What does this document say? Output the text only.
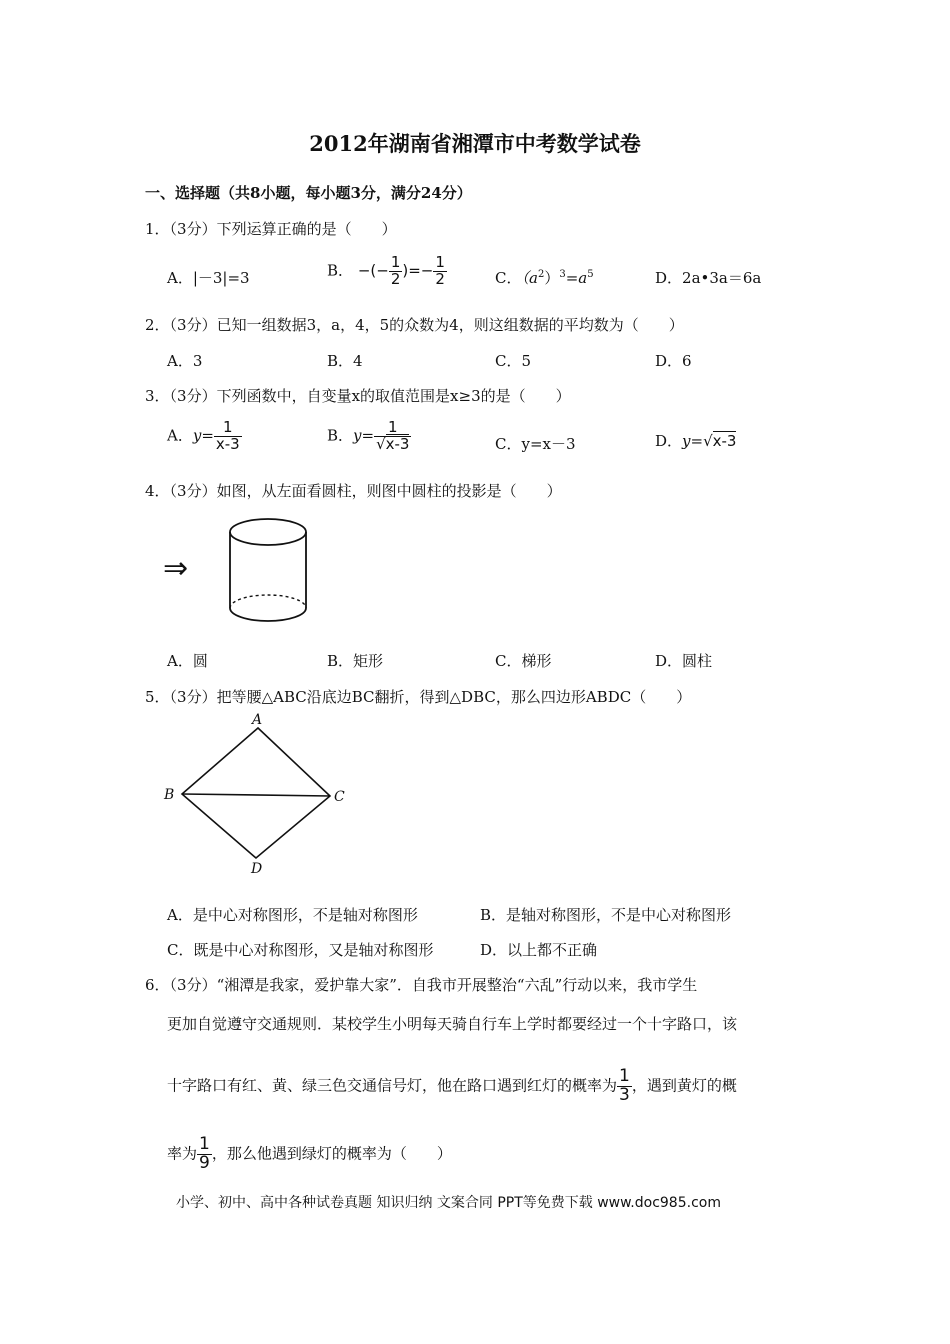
2012年湖南省湘潭市中考数学试卷
一、选择题（共8小题，每小题3分，满分24分）
1．（3分）下列运算正确的是（　　）
A．|－3|=3	B． −(− $\frac{1}{2}$ )=− $\frac{1}{2}$	C．$(a^2)^3=a^5$	D．2a•3a＝6a
2．（3分）已知一组数据3，a，4，5的众数为4，则这组数据的平均数为（　　）
A．3	B．4	C．5	D．6
3．（3分）下列函数中，自变量x的取值范围是x≥3的是（　　）
A．$y= \frac{1}{x-3}$	B．$y= \frac{1}{√x-3}$	C．y=x－3	D．y=√x-3
4．（3分）如图，从左面看圆柱，则图中圆柱的投影是（　　）
⇒
A．圆	B．矩形	C．梯形	D．圆柱
5．（3分）把等腰△ABC沿底边BC翻折，得到△DBC，那么四边形ABDC（　　）
A
B	C
D
A．是中心对称图形，不是轴对称图形	B．是轴对称图形，不是中心对称图形
C．既是中心对称图形，又是轴对称图形	D．以上都不正确
6．（3分）“湘潭是我家，爱护靠大家”．自我市开展整治“六乱”行动以来，我市学生
更加自觉遵守交通规则．某校学生小明每天骑自行车上学时都要经过一个十字路口，该
十字路口有红、黄、绿三色交通信号灯，他在路口遇到红灯的概率为 $\frac{1}{3}$ ，遇到黄灯的概
率为 $\frac{1}{9}$ ，那么他遇到绿灯的概率为（　　）
小学、初中、高中各种试卷真题 知识归纳 文案合同 PPT等免费下载 www.doc985.com
